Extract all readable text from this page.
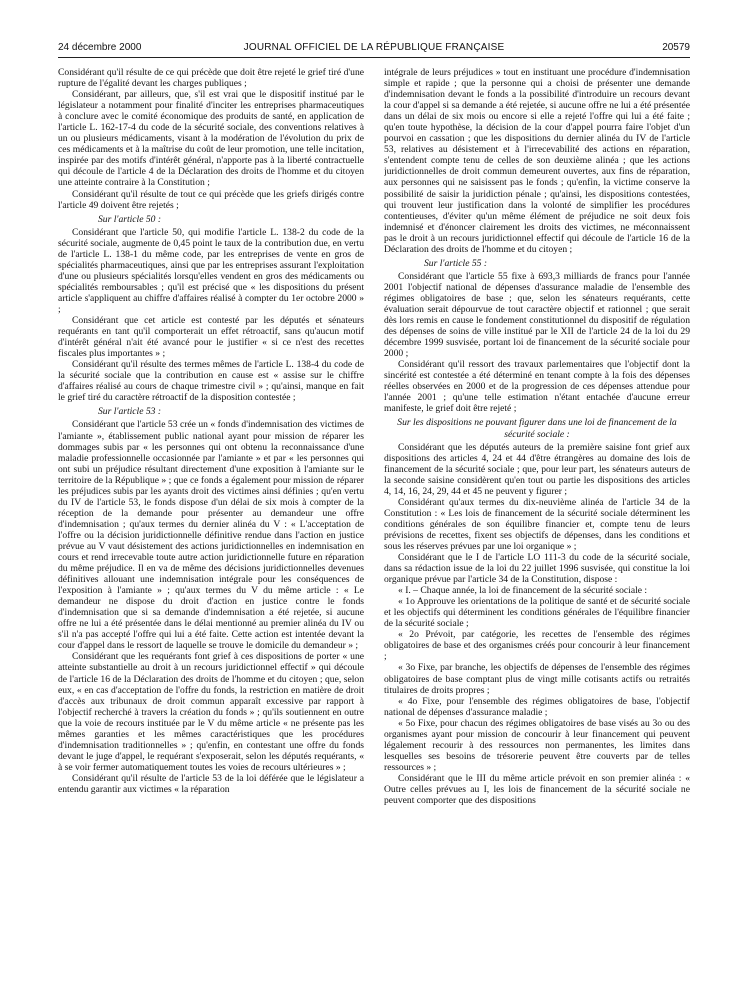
24 décembre 2000	JOURNAL OFFICIEL DE LA RÉPUBLIQUE FRANÇAISE	20579

Considérant qu'il résulte de ce qui précède que doit être rejeté le grief tiré d'une rupture de l'égalité devant les charges publiques ;

Considérant, par ailleurs, que, s'il est vrai que le dispositif institué par le législateur a notamment pour finalité d'inciter les entreprises pharmaceutiques à conclure avec le comité économique des produits de santé, en application de l'article L. 162-17-4 du code de la sécurité sociale, des conventions relatives à un ou plusieurs médicaments, visant à la modération de l'évolution du prix de ces médicaments et à la maîtrise du coût de leur promotion, une telle incitation, inspirée par des motifs d'intérêt général, n'apporte pas à la liberté contractuelle qui découle de l'article 4 de la Déclaration des droits de l'homme et du citoyen une atteinte contraire à la Constitution ;

Considérant qu'il résulte de tout ce qui précède que les griefs dirigés contre l'article 49 doivent être rejetés ;

Sur l'article 50 :

Considérant que l'article 50, qui modifie l'article L. 138-2 du code de la sécurité sociale, augmente de 0,45 point le taux de la contribution due, en vertu de l'article L. 138-1 du même code, par les entreprises de vente en gros de spécialités pharmaceutiques, ainsi que par les entreprises assurant l'exploitation d'une ou plusieurs spécialités lorsqu'elles vendent en gros des médicaments ou spécialités remboursables ; qu'il est précisé que « les dispositions du présent article s'appliquent au chiffre d'affaires réalisé à compter du 1er octobre 2000 » ;

Considérant que cet article est contesté par les députés et sénateurs requérants en tant qu'il comporterait un effet rétroactif, sans qu'aucun motif d'intérêt général n'ait été avancé pour le justifier « si ce n'est des recettes fiscales plus importantes » ;

Considérant qu'il résulte des termes mêmes de l'article L. 138-4 du code de la sécurité sociale que la contribution en cause est « assise sur le chiffre d'affaires réalisé au cours de chaque trimestre civil » ; qu'ainsi, manque en fait le grief tiré du caractère rétroactif de la disposition contestée ;

Sur l'article 53 :

Considérant que l'article 53 crée un « fonds d'indemnisation des victimes de l'amiante », établissement public national ayant pour mission de réparer les dommages subis par « les personnes qui ont obtenu la reconnaissance d'une maladie professionnelle occasionnée par l'amiante » et par « les personnes qui ont subi un préjudice résultant directement d'une exposition à l'amiante sur le territoire de la République » ; que ce fonds a également pour mission de réparer les préjudices subis par les ayants droit des victimes ainsi définies ; qu'en vertu du IV de l'article 53, le fonds dispose d'un délai de six mois à compter de la réception de la demande pour présenter au demandeur une offre d'indemnisation ; qu'aux termes du dernier alinéa du V : « L'acceptation de l'offre ou la décision juridictionnelle définitive rendue dans l'action en justice prévue au V vaut désistement des actions juridictionnelles en indemnisation en cours et rend irrecevable toute autre action juridictionnelle future en réparation du même préjudice. Il en va de même des décisions juridictionnelles devenues définitives allouant une indemnisation intégrale pour les conséquences de l'exposition à l'amiante » ; qu'aux termes du V du même article : « Le demandeur ne dispose du droit d'action en justice contre le fonds d'indemnisation que si sa demande d'indemnisation a été rejetée, si aucune offre ne lui a été présentée dans le délai mentionné au premier alinéa du IV ou s'il n'a pas accepté l'offre qui lui a été faite. Cette action est intentée devant la cour d'appel dans le ressort de laquelle se trouve le domicile du demandeur » ;

Considérant que les requérants font grief à ces dispositions de porter « une atteinte substantielle au droit à un recours juridictionnel effectif » qui découle de l'article 16 de la Déclaration des droits de l'homme et du citoyen ; que, selon eux, « en cas d'acceptation de l'offre du fonds, la restriction en matière de droit d'accès aux tribunaux de droit commun apparaît excessive par rapport à l'objectif recherché à travers la création du fonds » ; qu'ils soutiennent en outre que la voie de recours instituée par le V du même article « ne présente pas les mêmes garanties et les mêmes caractéristiques que les procédures d'indemnisation traditionnelles » ; qu'enfin, en contestant une offre du fonds devant le juge d'appel, le requérant s'exposerait, selon les députés requérants, « à se voir fermer automatiquement toutes les voies de recours ultérieures » ;

Considérant qu'il résulte de l'article 53 de la loi déférée que le législateur a entendu garantir aux victimes « la réparation

intégrale de leurs préjudices » tout en instituant une procédure d'indemnisation simple et rapide ; que la personne qui a choisi de présenter une demande d'indemnisation devant le fonds a la possibilité d'introduire un recours devant la cour d'appel si sa demande a été rejetée, si aucune offre ne lui a été présentée dans un délai de six mois ou encore si elle a rejeté l'offre qui lui a été faite ; qu'en toute hypothèse, la décision de la cour d'appel pourra faire l'objet d'un pourvoi en cassation ; que les dispositions du dernier alinéa du IV de l'article 53, relatives au désistement et à l'irrecevabilité des actions en réparation, s'entendent compte tenu de celles de son deuxième alinéa ; que les actions juridictionnelles de droit commun demeurent ouvertes, aux fins de réparation, aux personnes qui ne saisissent pas le fonds ; qu'enfin, la victime conserve la possibilité de saisir la juridiction pénale ; qu'ainsi, les dispositions contestées, qui trouvent leur justification dans la volonté de simplifier les procédures contentieuses, d'éviter qu'un même élément de préjudice ne soit deux fois indemnisé et d'énoncer clairement les droits des victimes, ne méconnaissent pas le droit à un recours juridictionnel effectif qui découle de l'article 16 de la Déclaration des droits de l'homme et du citoyen ;

Sur l'article 55 :

Considérant que l'article 55 fixe à 693,3 milliards de francs pour l'année 2001 l'objectif national de dépenses d'assurance maladie de l'ensemble des régimes obligatoires de base ; que, selon les sénateurs requérants, cette évaluation serait dépourvue de tout caractère objectif et rationnel ; que serait dès lors remis en cause le fondement constitutionnel du dispositif de régulation des dépenses de soins de ville institué par le XII de l'article 24 de la loi du 29 décembre 1999 susvisée, portant loi de financement de la sécurité sociale pour 2000 ;

Considérant qu'il ressort des travaux parlementaires que l'objectif dont la sincérité est contestée a été déterminé en tenant compte à la fois des dépenses réelles observées en 2000 et de la progression de ces dépenses attendue pour l'année 2001 ; qu'une telle estimation n'étant entachée d'aucune erreur manifeste, le grief doit être rejeté ;

Sur les dispositions ne pouvant figurer dans une loi de financement de la sécurité sociale :

Considérant que les députés auteurs de la première saisine font grief aux dispositions des articles 4, 24 et 44 d'être étrangères au domaine des lois de financement de la sécurité sociale ; que, pour leur part, les sénateurs auteurs de la seconde saisine considèrent qu'en tout ou partie les dispositions des articles 4, 14, 16, 24, 29, 44 et 45 ne peuvent y figurer ;

Considérant qu'aux termes du dix-neuvième alinéa de l'article 34 de la Constitution : « Les lois de financement de la sécurité sociale déterminent les conditions générales de son équilibre financier et, compte tenu de leurs prévisions de recettes, fixent ses objectifs de dépenses, dans les conditions et sous les réserves prévues par une loi organique » ;

Considérant que le I de l'article LO 111-3 du code de la sécurité sociale, dans sa rédaction issue de la loi du 22 juillet 1996 susvisée, qui constitue la loi organique prévue par l'article 34 de la Constitution, dispose :

« I. – Chaque année, la loi de financement de la sécurité sociale :

« 1o Approuve les orientations de la politique de santé et de sécurité sociale et les objectifs qui déterminent les conditions générales de l'équilibre financier de la sécurité sociale ;

« 2o Prévoit, par catégorie, les recettes de l'ensemble des régimes obligatoires de base et des organismes créés pour concourir à leur financement ;

« 3o Fixe, par branche, les objectifs de dépenses de l'ensemble des régimes obligatoires de base comptant plus de vingt mille cotisants actifs ou retraités titulaires de droits propres ;

« 4o Fixe, pour l'ensemble des régimes obligatoires de base, l'objectif national de dépenses d'assurance maladie ;

« 5o Fixe, pour chacun des régimes obligatoires de base visés au 3o ou des organismes ayant pour mission de concourir à leur financement qui peuvent légalement recourir à des ressources non permanentes, les limites dans lesquelles ses besoins de trésorerie peuvent être couverts par de telles ressources » ;

Considérant que le III du même article prévoit en son premier alinéa : « Outre celles prévues au I, les lois de financement de la sécurité sociale ne peuvent comporter que des dispositions
